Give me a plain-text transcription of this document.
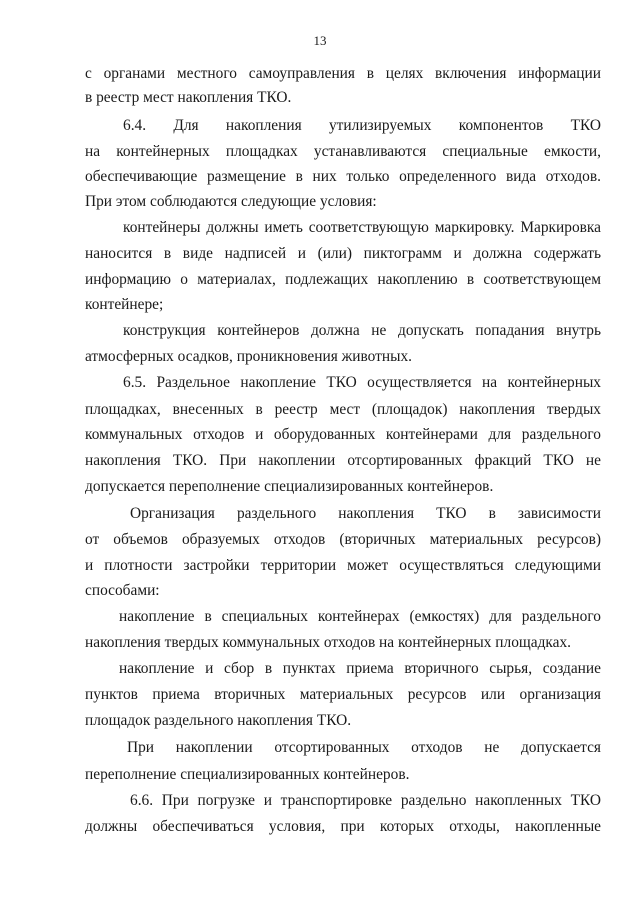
13
с органами местного самоуправления в целях включения информации
в реестр мест накопления ТКО.
6.4. Для накопления утилизируемых компонентов ТКО
на контейнерных площадках устанавливаются специальные емкости,
обеспечивающие размещение в них только определенного вида отходов.
При этом соблюдаются следующие условия:
контейнеры должны иметь соответствующую маркировку. Маркировка
наносится в виде надписей и (или) пиктограмм и должна содержать
информацию о материалах, подлежащих накоплению в соответствующем
контейнере;
конструкция контейнеров должна не допускать попадания внутрь
атмосферных осадков, проникновения животных.
6.5. Раздельное накопление ТКО осуществляется на контейнерных
площадках, внесенных в реестр мест (площадок) накопления твердых
коммунальных отходов и оборудованных контейнерами для раздельного
накопления ТКО. При накоплении отсортированных фракций ТКО не
допускается переполнение специализированных контейнеров.
Организация раздельного накопления ТКО в зависимости
от объемов образуемых отходов (вторичных материальных ресурсов)
и плотности застройки территории может осуществляться следующими
способами:
накопление в специальных контейнерах (емкостях) для раздельного
накопления твердых коммунальных отходов на контейнерных площадках.
накопление и сбор в пунктах приема вторичного сырья, создание
пунктов приема вторичных материальных ресурсов или организация
площадок раздельного накопления ТКО.
При накоплении отсортированных отходов не допускается
переполнение специализированных контейнеров.
6.6. При погрузке и транспортировке раздельно накопленных ТКО
должны обеспечиваться условия, при которых отходы, накопленные
